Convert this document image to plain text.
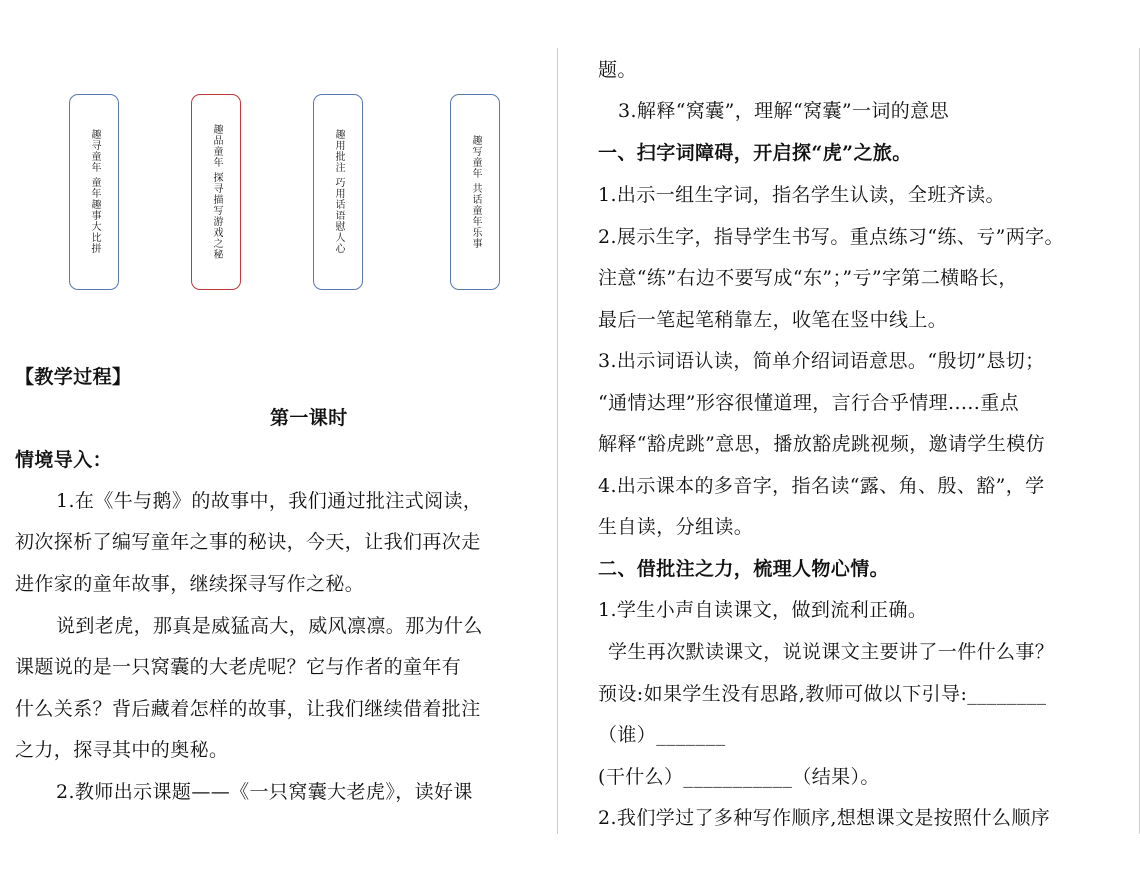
趣寻童年 童年趣事大比拼	趣品童年 探寻描写游戏之秘	趣用批注 巧用话语慰人心	趣写童年 共话童年乐事
【教学过程】
第一课时
情境导入：
1.在《牛与鹅》的故事中，我们通过批注式阅读，
初次探析了编写童年之事的秘诀，今天，让我们再次走
进作家的童年故事，继续探寻写作之秘。
说到老虎，那真是威猛高大，威风凛凛。那为什么
课题说的是一只窝囊的大老虎呢？它与作者的童年有
什么关系？背后藏着怎样的故事，让我们继续借着批注
之力，探寻其中的奥秘。
2.教师出示课题——《一只窝囊大老虎》，读好课
题。
3.解释“窝囊”，理解“窝囊”一词的意思
一、扫字词障碍，开启探“虎”之旅。
1.出示一组生字词，指名学生认读，全班齐读。
2.展示生字，指导学生书写。重点练习“练、亏”两字。
注意“练”右边不要写成“东”；”亏”字第二横略长，
最后一笔起笔稍靠左，收笔在竖中线上。
3.出示词语认读，简单介绍词语意思。“殷切”恳切；
“通情达理”形容很懂道理，言行合乎情理.....重点
解释“豁虎跳”意思，播放豁虎跳视频，邀请学生模仿
4.出示课本的多音字，指名读“露、角、殷、豁”，学
生自读，分组读。
二、借批注之力，梳理人物心情。
1.学生小声自读课文，做到流利正确。
学生再次默读课文，说说课文主要讲了一件什么事？
预设:如果学生没有思路,教师可做以下引导:________
（谁）_______
(干什么）___________（结果）。
2.我们学过了多种写作顺序,想想课文是按照什么顺序
